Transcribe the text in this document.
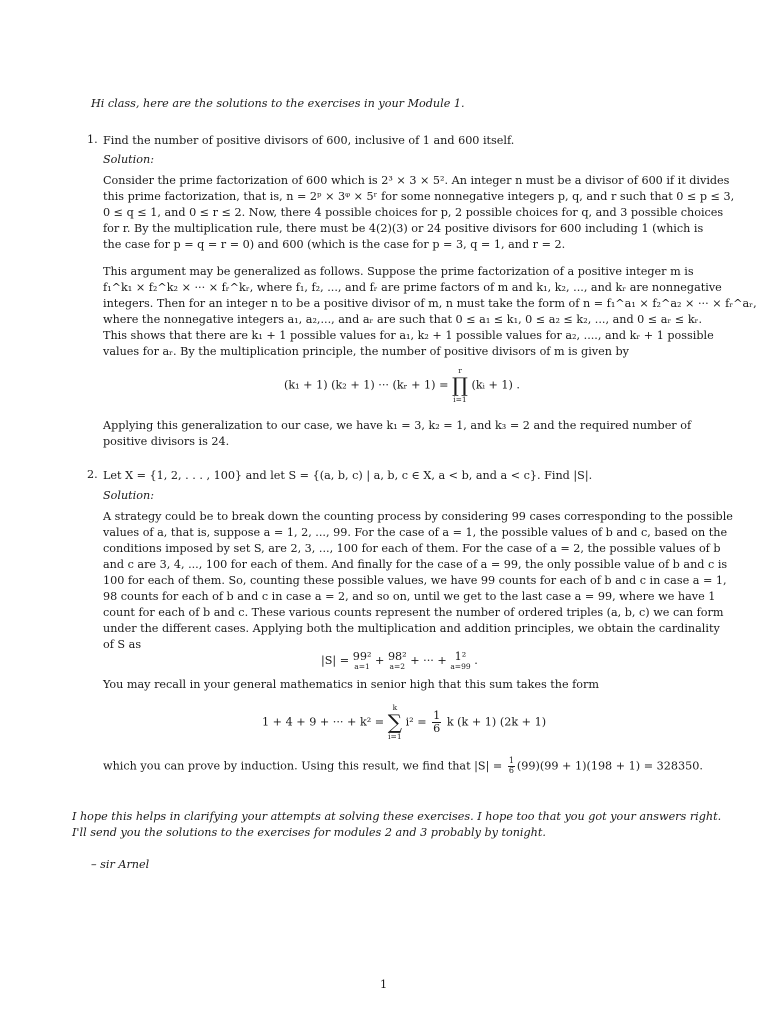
Hi class, here are the solutions to the exercises in your Module 1.
1. Find the number of positive divisors of 600, inclusive of 1 and 600 itself.
Solution:
Consider the prime factorization of 600 which is 2³ × 3 × 5². An integer n must be a divisor of 600 if it divides
this prime factorization, that is, n = 2ᵖ × 3ᵠ × 5ʳ for some nonnegative integers p, q, and r such that 0 ≤ p ≤ 3,
0 ≤ q ≤ 1, and 0 ≤ r ≤ 2. Now, there 4 possible choices for p, 2 possible choices for q, and 3 possible choices
for r. By the multiplication rule, there must be 4(2)(3) or 24 positive divisors for 600 including 1 (which is
the case for p = q = r = 0) and 600 (which is the case for p = 3, q = 1, and r = 2.
This argument may be generalized as follows. Suppose the prime factorization of a positive integer m is
f₁^k₁ × f₂^k₂ × ··· × fᵣ^kᵣ, where f₁, f₂, ..., and fᵣ are prime factors of m and k₁, k₂, ..., and kᵣ are nonnegative
integers. Then for an integer n to be a positive divisor of m, n must take the form of n = f₁^a₁ × f₂^a₂ × ··· × fᵣ^aᵣ,
where the nonnegative integers a₁, a₂,..., and aᵣ are such that 0 ≤ a₁ ≤ k₁, 0 ≤ a₂ ≤ k₂, ..., and 0 ≤ aᵣ ≤ kᵣ.
This shows that there are k₁ + 1 possible values for a₁, k₂ + 1 possible values for a₂, ...., and kᵣ + 1 possible
values for aᵣ. By the multiplication principle, the number of positive divisors of m is given by
(k₁ + 1) (k₂ + 1) ··· (kᵣ + 1) =
r
∏
i=1
(kᵢ + 1) .
Applying this generalization to our case, we have k₁ = 3, k₂ = 1, and k₃ = 2 and the required number of
positive divisors is 24.
2. Let X = {1, 2, . . . , 100} and let S = {(a, b, c) | a, b, c ∈ X, a < b, and a < c}. Find |S|.
Solution:
A strategy could be to break down the counting process by considering 99 cases corresponding to the possible
values of a, that is, suppose a = 1, 2, ..., 99. For the case of a = 1, the possible values of b and c, based on the
conditions imposed by set S, are 2, 3, ..., 100 for each of them. For the case of a = 2, the possible values of b
and c are 3, 4, ..., 100 for each of them. And finally for the case of a = 99, the only possible value of b and c is
100 for each of them. So, counting these possible values, we have 99 counts for each of b and c in case a = 1,
98 counts for each of b and c in case a = 2, and so on, until we get to the last case a = 99, where we have 1
count for each of b and c. These various counts represent the number of ordered triples (a, b, c) we can form
under the different cases. Applying both the multiplication and addition principles, we obtain the cardinality
of S as
|S| = 99²
a=1 + 98²
a=2 + ··· + 1²
a=99 .
You may recall in your general mathematics in senior high that this sum takes the form
1 + 4 + 9 + ··· + k² =
k
∑
i=1
$i^2 = \frac{1}{6}$ k (k + 1) (2k + 1)
which you can prove by induction. Using this result, we find that $|S| = \frac{1}{6} (99)(99 + 1)(198 + 1) = 328350$.
I hope this helps in clarifying your attempts at solving these exercises. I hope too that you got your answers right.
I'll send you the solutions to the exercises for modules 2 and 3 probably by tonight.
– sir Arnel
1
